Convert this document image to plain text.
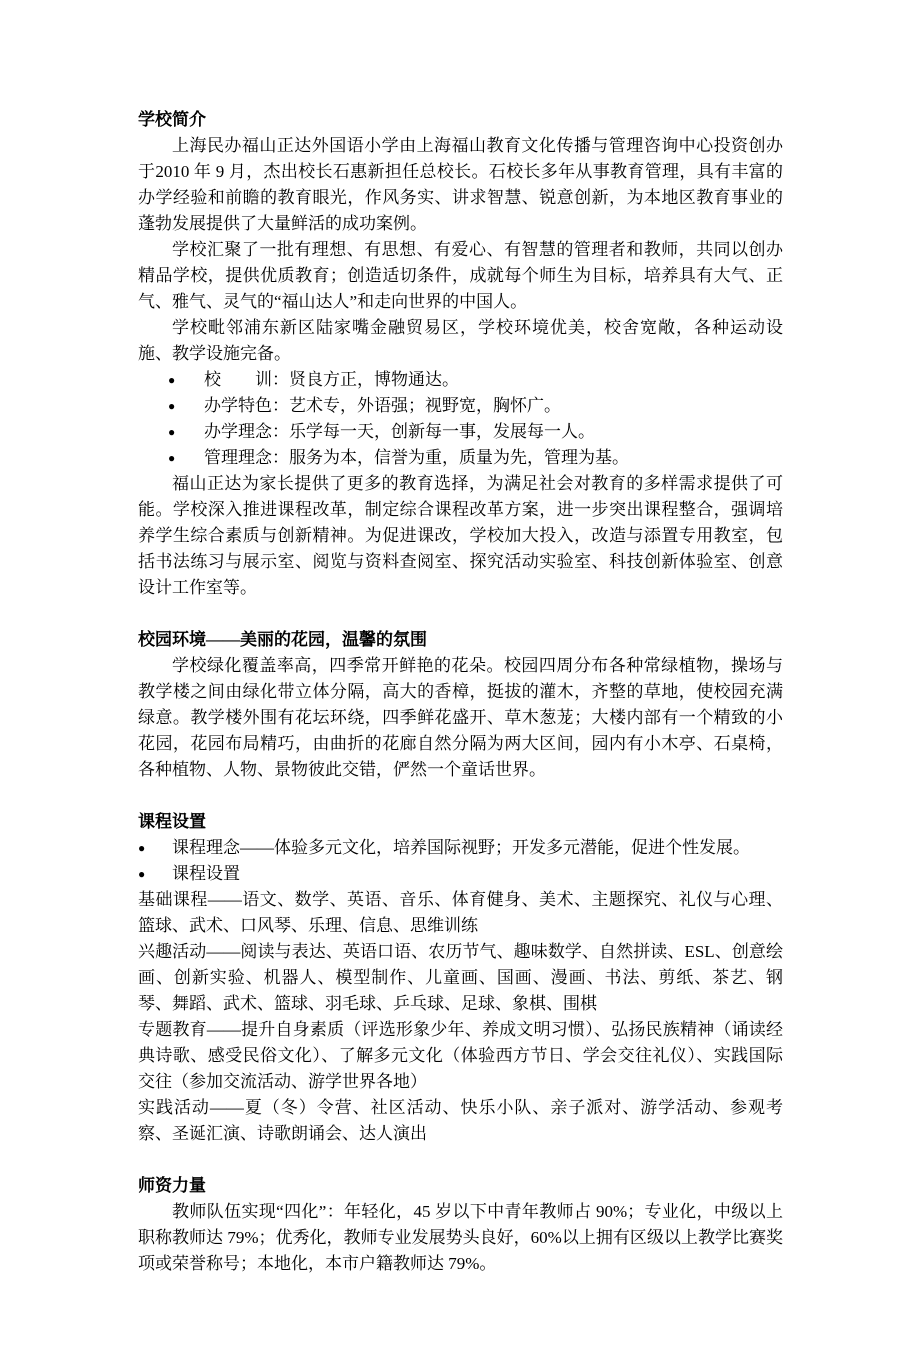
学校简介

上海民办福山正达外国语小学由上海福山教育文化传播与管理咨询中心投资创办于2010 年 9 月，杰出校长石惠新担任总校长。石校长多年从事教育管理，具有丰富的办学经验和前瞻的教育眼光，作风务实、讲求智慧、锐意创新，为本地区教育事业的蓬勃发展提供了大量鲜活的成功案例。

学校汇聚了一批有理想、有思想、有爱心、有智慧的管理者和教师，共同以创办精品学校，提供优质教育；创造适切条件，成就每个师生为目标，培养具有大气、正气、雅气、灵气的“福山达人”和走向世界的中国人。

学校毗邻浦东新区陆家嘴金融贸易区，学校环境优美，校舍宽敞，各种运动设施、教学设施完备。

● 校　　训：贤良方正，博物通达。
● 办学特色：艺术专，外语强；视野宽，胸怀广。
● 办学理念：乐学每一天，创新每一事，发展每一人。
● 管理理念：服务为本，信誉为重，质量为先，管理为基。

福山正达为家长提供了更多的教育选择，为满足社会对教育的多样需求提供了可能。学校深入推进课程改革，制定综合课程改革方案，进一步突出课程整合，强调培养学生综合素质与创新精神。为促进课改，学校加大投入，改造与添置专用教室，包括书法练习与展示室、阅览与资料查阅室、探究活动实验室、科技创新体验室、创意设计工作室等。

校园环境——美丽的花园，温馨的氛围

学校绿化覆盖率高，四季常开鲜艳的花朵。校园四周分布各种常绿植物，操场与教学楼之间由绿化带立体分隔，高大的香樟，挺拔的灌木，齐整的草地，使校园充满绿意。教学楼外围有花坛环绕，四季鲜花盛开、草木葱茏；大楼内部有一个精致的小花园，花园布局精巧，由曲折的花廊自然分隔为两大区间，园内有小木亭、石桌椅，各种植物、人物、景物彼此交错，俨然一个童话世界。

课程设置
● 课程理念——体验多元文化，培养国际视野；开发多元潜能，促进个性发展。
● 课程设置

基础课程——语文、数学、英语、音乐、体育健身、美术、主题探究、礼仪与心理、篮球、武术、口风琴、乐理、信息、思维训练

兴趣活动——阅读与表达、英语口语、农历节气、趣味数学、自然拼读、ESL、创意绘画、创新实验、机器人、模型制作、儿童画、国画、漫画、书法、剪纸、茶艺、钢琴、舞蹈、武术、篮球、羽毛球、乒乓球、足球、象棋、围棋

专题教育——提升自身素质（评选形象少年、养成文明习惯）、弘扬民族精神（诵读经典诗歌、感受民俗文化）、了解多元文化（体验西方节日、学会交往礼仪）、实践国际交往（参加交流活动、游学世界各地）

实践活动——夏（冬）令营、社区活动、快乐小队、亲子派对、游学活动、参观考察、圣诞汇演、诗歌朗诵会、达人演出

师资力量

教师队伍实现“四化”：年轻化，45 岁以下中青年教师占 90%；专业化，中级以上职称教师达 79%；优秀化，教师专业发展势头良好，60%以上拥有区级以上教学比赛奖项或荣誉称号；本地化，本市户籍教师达 79%。
